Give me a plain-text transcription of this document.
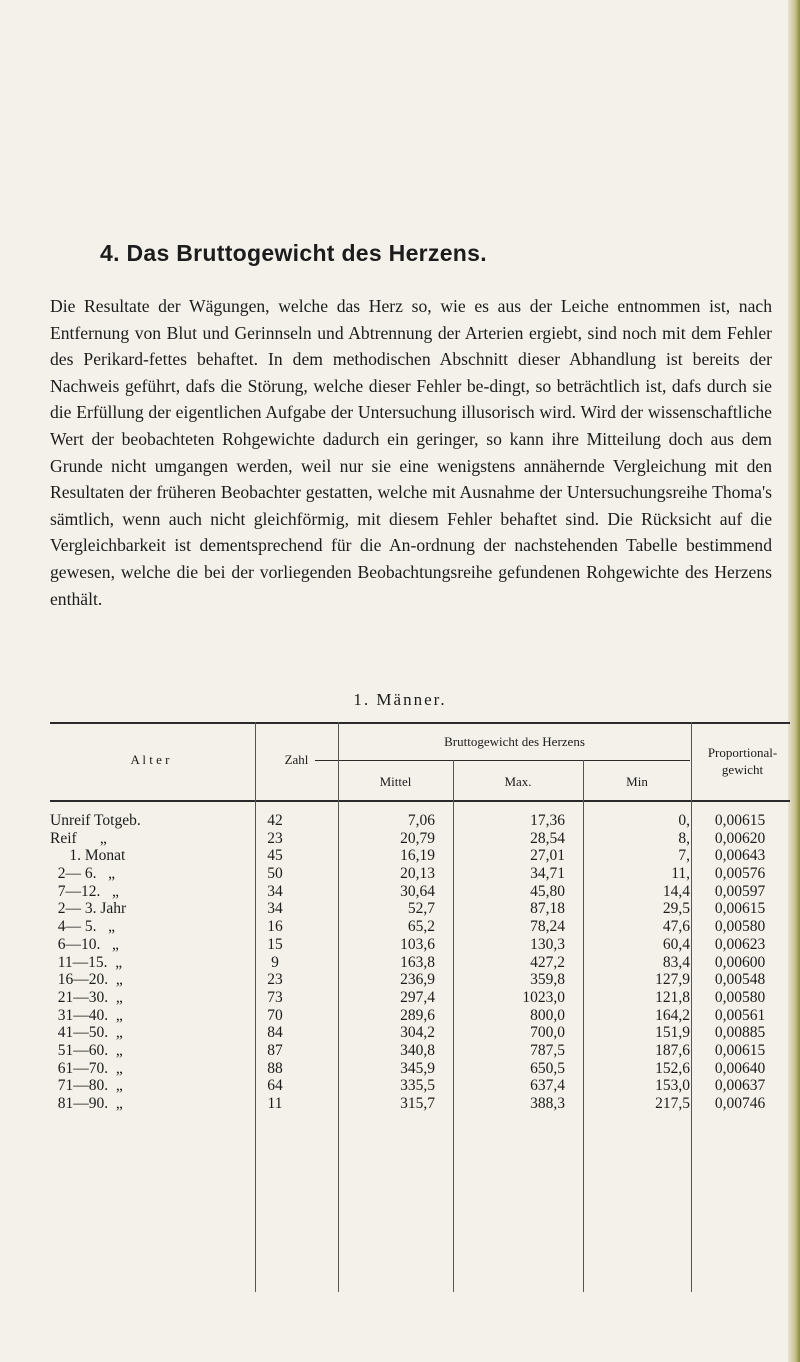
4. Das Bruttogewicht des Herzens.

Die Resultate der Wägungen, welche das Herz so, wie es aus der Leiche entnommen ist, nach Entfernung von Blut und Gerinnseln und Abtrennung der Arterien ergiebt, sind noch mit dem Fehler des Perikard-fettes behaftet. In dem methodischen Abschnitt dieser Abhandlung ist bereits der Nachweis geführt, dafs die Störung, welche dieser Fehler be-dingt, so beträchtlich ist, dafs durch sie die Erfüllung der eigentlichen Aufgabe der Untersuchung illusorisch wird. Wird der wissenschaftliche Wert der beobachteten Rohgewichte dadurch ein geringer, so kann ihre Mitteilung doch aus dem Grunde nicht umgangen werden, weil nur sie eine wenigstens annähernde Vergleichung mit den Resultaten der früheren Beobachter gestatten, welche mit Ausnahme der Untersuchungsreihe Thoma's sämtlich, wenn auch nicht gleichförmig, mit diesem Fehler behaftet sind. Die Rücksicht auf die Vergleichbarkeit ist dementsprechend für die An-ordnung der nachstehenden Tabelle bestimmend gewesen, welche die bei der vorliegenden Beobachtungsreihe gefundenen Rohgewichte des Herzens enthält.

1. Männer.
A l t e r	Zahl
Bruttogewicht des Herzens
Mittel	Max.	Min
Proportional-gewicht
Unreif Totgeb.	42	7,06	17,36	0,	0,00615
Reif      „	23	20,79	28,54	8,	0,00620
1. Monat	45	16,19	27,01	7,	0,00643
2— 6.   „	50	20,13	34,71	11,	0,00576
7—12.   „	34	30,64	45,80	14,4	0,00597
2— 3. Jahr	34	52,7	87,18	29,5	0,00615
4— 5.   „	16	65,2	78,24	47,6	0,00580
6—10.   „	15	103,6	130,3	60,4	0,00623
11—15.  „	9	163,8	427,2	83,4	0,00600
16—20.  „	23	236,9	359,8	127,9	0,00548
21—30.  „	73	297,4	1023,0	121,8	0,00580
31—40.  „	70	289,6	800,0	164,2	0,00561
41—50.  „	84	304,2	700,0	151,9	0,00885
51—60.  „	87	340,8	787,5	187,6	0,00615
61—70.  „	88	345,9	650,5	152,6	0,00640
71—80.  „	64	335,5	637,4	153,0	0,00637
81—90.  „	11	315,7	388,3	217,5	0,00746
